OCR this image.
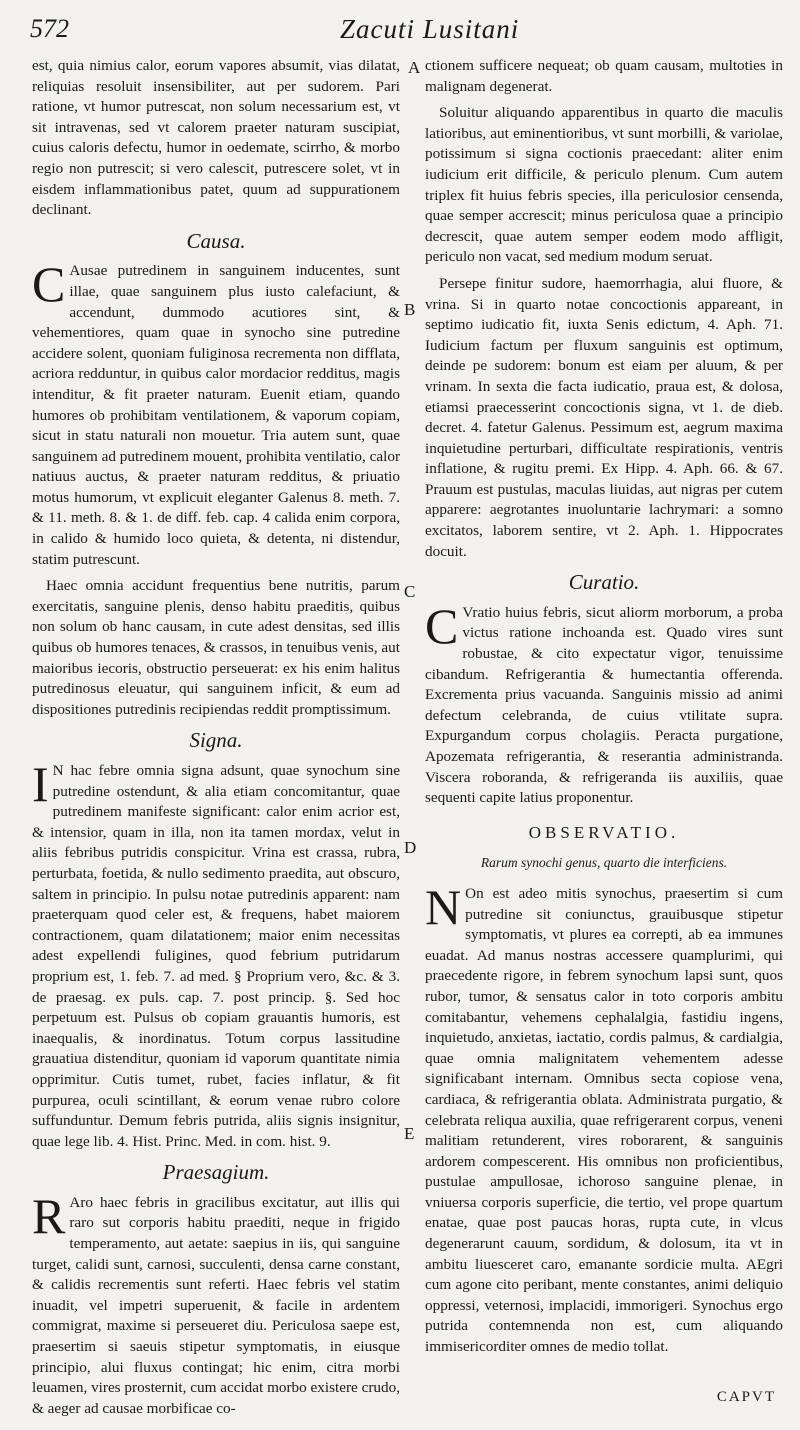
572	Zacuti Lusitani

est, quia nimius calor, eorum vapores absumit, vias dilatat, reliquias resoluit insensibiliter, aut per sudorem. Pari ratione, vt humor putrescat, non solum necessarium est, vt sit intravenas, sed vt calorem praeter naturam suscipiat, cuius caloris defectu, humor in oedemate, scirrho, & morbo regio non putrescit; si vero calescit, putrescere solet, vt in eisdem inflammationibus patet, quum ad suppurationem declinant.

Causa.

C Ausae putredinem in sanguinem inducentes, sunt illae, quae sanguinem plus iusto calefaciunt, & accendunt, dummodo acutiores sint, & vehementiores, quam quae in synocho sine putredine accidere solent, quoniam fuliginosa recrementa non difflata, acriora redduntur, in quibus calor mordacior redditus, magis intenditur, & fit praeter naturam. Euenit etiam, quando humores ob prohibitam ventilationem, & vaporum copiam, sicut in statu naturali non mouetur. Tria autem sunt, quae sanguinem ad putredinem mouent, prohibita ventilatio, calor natiuus auctus, & praeter naturam redditus, & priuatio motus humorum, vt explicuit eleganter Galenus 8. meth. 7. & 11. meth. 8. & 1. de diff. feb. cap. 4 calida enim corpora, in calido & humido loco quieta, & detenta, ni distendur, statim putrescunt.

Haec omnia accidunt frequentius bene nutritis, parum exercitatis, sanguine plenis, denso habitu praeditis, quibus non solum ob hanc causam, in cute adest densitas, sed illis quibus ob humores tenaces, & crassos, in tenuibus venis, aut maioribus iecoris, obstructio perseuerat: ex his enim halitus putredinosus eleuatur, qui sanguinem inficit, & eum ad dispositiones putredinis recipiendas reddit promptissimum.

Signa.

I N hac febre omnia signa adsunt, quae synochum sine putredine ostendunt, & alia etiam concomitantur, quae putredinem manifeste significant: calor enim acrior est, & intensior, quam in illa, non ita tamen mordax, velut in aliis febribus putridis conspicitur. Vrina est crassa, rubra, perturbata, foetida, & nullo sedimento praedita, aut obscuro, saltem in principio. In pulsu notae putredinis apparent: nam praeterquam quod celer est, & frequens, habet maiorem contractionem, quam dilatationem; maior enim necessitas adest expellendi fuligines, quod febrium putridarum proprium est, 1. feb. 7. ad med. § Proprium vero, &c. & 3. de praesag. ex puls. cap. 7. post princip. §. Sed hoc perpetuum est. Pulsus ob copiam grauantis humoris, est inaequalis, & inordinatus. Totum corpus lassitudine grauatiua distenditur, quoniam id vaporum quantitate nimia opprimitur. Cutis tumet, rubet, facies inflatur, & fit purpurea, oculi scintillant, & eorum venae rubro colore suffunduntur. Demum febris putrida, aliis signis insignitur, quae lege lib. 4. Hist. Princ. Med. in com. hist. 9.

Praesagium.

R Aro haec febris in gracilibus excitatur, aut illis qui raro sut corporis habitu praediti, neque in frigido temperamento, aut aetate: saepius in iis, qui sanguine turget, calidi sunt, carnosi, succulenti, densa carne constant, & calidis recrementis sunt referti. Haec febris vel statim inuadit, vel impetri superuenit, & facile in ardentem commigrat, maxime si perseueret diu. Periculosa saepe est, praesertim si saeuis stipetur symptomatis, in eiusque principio, alui fluxus contingat; hic enim, citra morbi leuamen, vires prosternit, cum accidat morbo existere crudo, & aeger ad causae morbificae co-

A
B
C
D
E

ctionem sufficere nequeat; ob quam causam, multoties in malignam degenerat.

Soluitur aliquando apparentibus in quarto die maculis latioribus, aut eminentioribus, vt sunt morbilli, & variolae, potissimum si signa coctionis praecedant: aliter enim iudicium erit difficile, & periculo plenum. Cum autem triplex fit huius febris species, illa periculosior censenda, quae semper accrescit; minus periculosa quae a principio decrescit, quae autem semper eodem modo affligit, periculo non vacat, sed medium modum seruat.

Persepe finitur sudore, haemorrhagia, alui fluore, & vrina. Si in quarto notae concoctionis appareant, in septimo iudicatio fit, iuxta Senis edictum, 4. Aph. 71. Iudicium factum per fluxum sanguinis est optimum, deinde pe sudorem: bonum est eiam per aluum, & per vrinam. In sexta die facta iudicatio, praua est, & dolosa, etiamsi praecesserint concoctionis signa, vt 1. de dieb. decret. 4. fatetur Galenus. Pessimum est, aegrum maxima inquietudine perturbari, difficultate respirationis, ventris inflatione, & rugitu premi. Ex Hipp. 4. Aph. 66. & 67. Prauum est pustulas, maculas liuidas, aut nigras per cutem apparere: aegrotantes inuoluntarie lachrymari: a somno excitatos, laborem sentire, vt 2. Aph. 1. Hippocrates docuit.

Curatio.

C Vratio huius febris, sicut aliorm morborum, a proba victus ratione inchoanda est. Quado vires sunt robustae, & cito expectatur vigor, tenuissime cibandum. Refrigerantia & humectantia offerenda. Excrementa prius vacuanda. Sanguinis missio ad animi defectum celebranda, de cuius vtilitate supra. Expurgandum corpus cholagiis. Peracta purgatione, Apozemata refrigerantia, & reserantia administranda. Viscera roboranda, & refrigeranda iis auxiliis, quae sequenti capite latius proponentur.

OBSERVATIO.

Rarum synochi genus, quarto die interficiens.

N On est adeo mitis synochus, praesertim si cum putredine sit coniunctus, grauibusque stipetur symptomatis, vt plures ea correpti, ab ea immunes euadat. Ad manus nostras accessere quamplurimi, qui praecedente rigore, in febrem synochum lapsi sunt, quos rubor, tumor, & sensatus calor in toto corporis ambitu comitabantur, vehemens cephalalgia, fastidiu ingens, inquietudo, anxietas, iactatio, cordis palmus, & cardialgia, quae omnia malignitatem vehementem adesse significabant internam. Omnibus secta copiose vena, cardiaca, & refrigerantia oblata. Administrata purgatio, & celebrata reliqua auxilia, quae refrigerarent corpus, veneni malitiam retunderent, vires roborarent, & sanguinis ardorem compescerent. His omnibus non proficientibus, pustulae ampullosae, ichoroso sanguine plenae, in vniuersa corporis superficie, die tertio, vel prope quartum enatae, quae post paucas horas, rupta cute, in vlcus degenerarunt cauum, sordidum, & dolosum, ita vt in ambitu liuesceret caro, emanante sordicie multa. AEgri cum agone cito peribant, mente constantes, animi deliquio oppressi, veternosi, implacidi, immorigeri. Synochus ergo putrida contemnenda non est, cum aliquando immisericorditer omnes de medio tollat.

CAPVT
